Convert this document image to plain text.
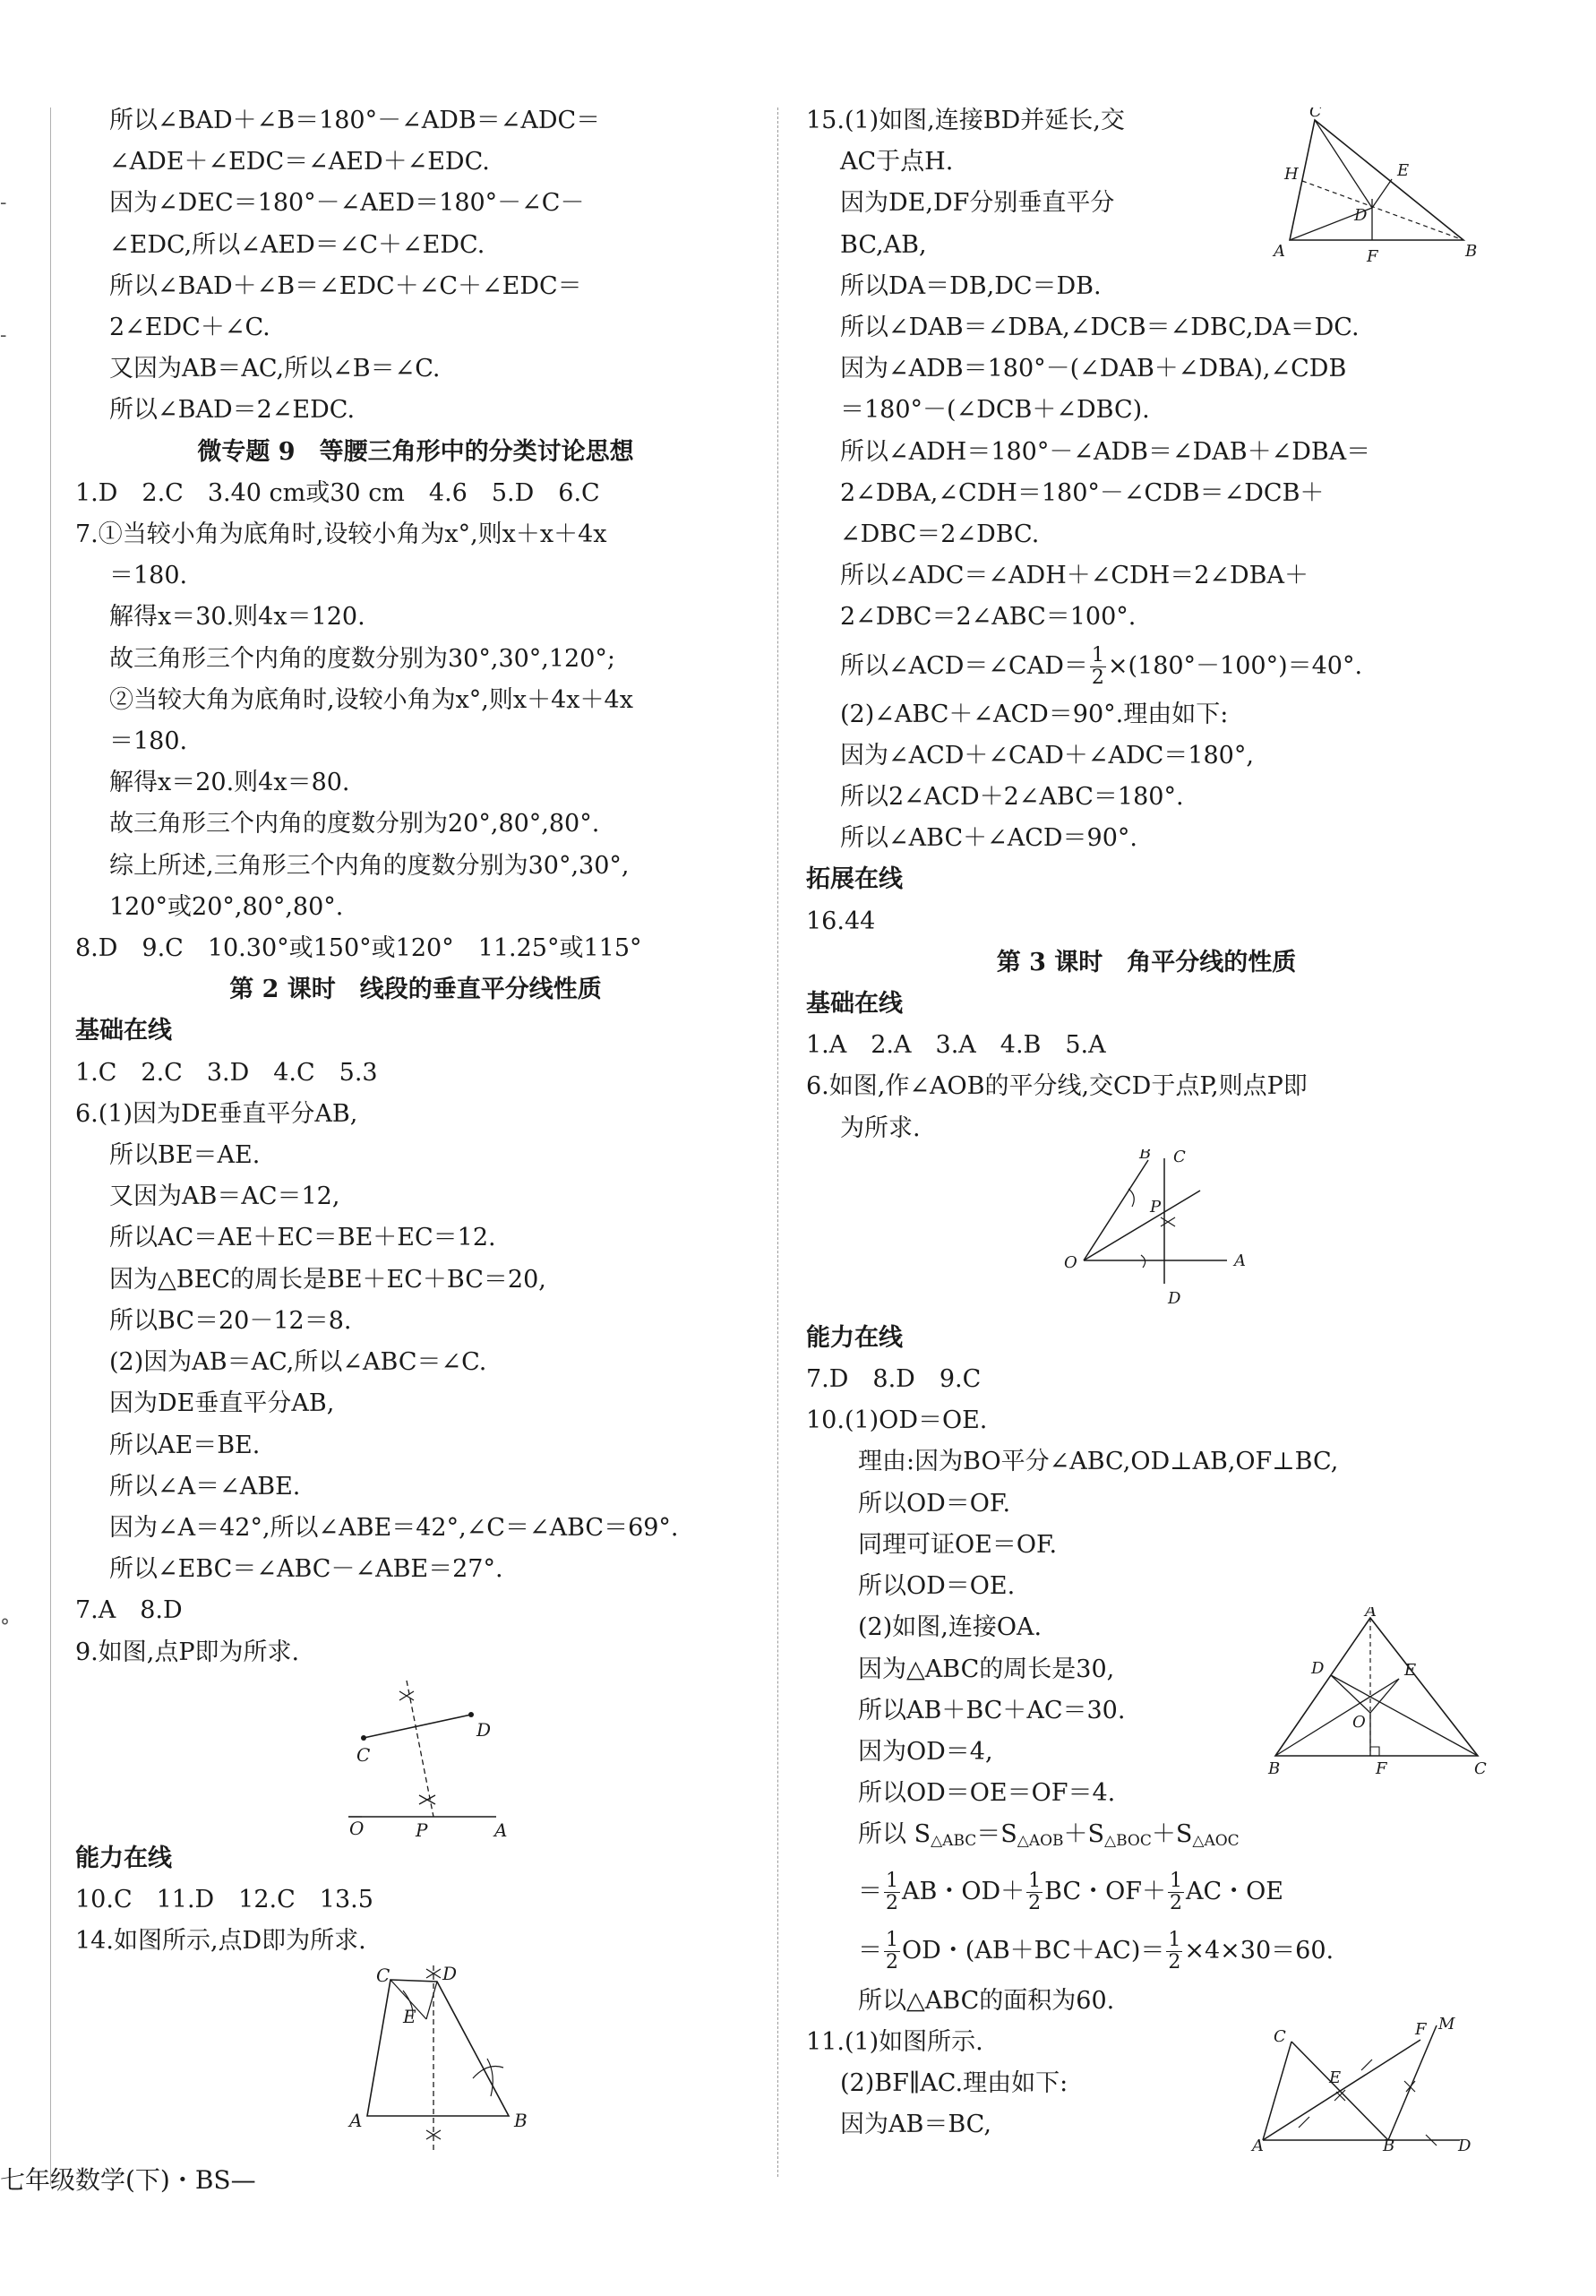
-
-
°
所以∠BAD＋∠B＝180°－∠ADB＝∠ADC＝
∠ADE＋∠EDC＝∠AED＋∠EDC.
因为∠DEC＝180°－∠AED＝180°－∠C－
∠EDC,所以∠AED＝∠C＋∠EDC.
所以∠BAD＋∠B＝∠EDC＋∠C＋∠EDC＝
2∠EDC＋∠C.
又因为AB＝AC,所以∠B＝∠C.
所以∠BAD＝2∠EDC.
微专题 9　等腰三角形中的分类讨论思想
1.D　2.C　3.40 cm或30 cm　4.6　5.D　6.C
7.①当较小角为底角时,设较小角为x°,则x＋x＋4x
＝180.
解得x＝30.则4x＝120.
故三角形三个内角的度数分别为30°,30°,120°;
②当较大角为底角时,设较小角为x°,则x＋4x＋4x
＝180.
解得x＝20.则4x＝80.
故三角形三个内角的度数分别为20°,80°,80°.
综上所述,三角形三个内角的度数分别为30°,30°,
120°或20°,80°,80°.
8.D　9.C　10.30°或150°或120°　11.25°或115°
第 2 课时　线段的垂直平分线性质
基础在线
1.C　2.C　3.D　4.C　5.3
6.(1)因为DE垂直平分AB,
所以BE＝AE.
又因为AB＝AC＝12,
所以AC＝AE＋EC＝BE＋EC＝12.
因为△BEC的周长是BE＋EC＋BC＝20,
所以BC＝20－12＝8.
(2)因为AB＝AC,所以∠ABC＝∠C.
因为DE垂直平分AB,
所以AE＝BE.
所以∠A＝∠ABE.
因为∠A＝42°,所以∠ABE＝42°,∠C＝∠ABC＝69°.
所以∠EBC＝∠ABC－∠ABE＝27°.
7.A　8.D
9.如图,点P即为所求.
C
D
O	P	A
能力在线
10.C　11.D　12.C　13.5
14.如图所示,点D即为所求.
C	D
E
A	B
C
H	E
D
A	F	B
15.(1)如图,连接BD并延长,交
AC于点H.
因为DE,DF分别垂直平分
BC,AB,
所以DA＝DB,DC＝DB.
所以∠DAB＝∠DBA,∠DCB＝∠DBC,DA＝DC.
因为∠ADB＝180°－(∠DAB＋∠DBA),∠CDB
＝180°－(∠DCB＋∠DBC).
所以∠ADH＝180°－∠ADB＝∠DAB＋∠DBA＝
2∠DBA,∠CDH＝180°－∠CDB＝∠DCB＋
∠DBC＝2∠DBC.
所以∠ADC＝∠ADH＋∠CDH＝2∠DBA＋
2∠DBC＝2∠ABC＝100°.
所以∠ACD＝∠CAD＝ $\frac{1}{2} \times(180^\circ-100^\circ)=40^\circ$.
(2)∠ABC＋∠ACD＝90°.理由如下:
因为∠ACD＋∠CAD＋∠ADC＝180°,
所以2∠ACD＋2∠ABC＝180°.
所以∠ABC＋∠ACD＝90°.
拓展在线
16.44
第 3 课时　角平分线的性质
基础在线
1.A　2.A　3.A　4.B　5.A
6.如图,作∠AOB的平分线,交CD于点P,则点P即
为所求.
B C
P
O	A
D
能力在线
7.D　8.D　9.C
10.(1)OD＝OE.
理由:因为BO平分∠ABC,OD⊥AB,OF⊥BC,
所以OD＝OF.
同理可证OE＝OF.
所以OD＝OE.
A
D	E
O
B	F	C
(2)如图,连接OA.
因为△ABC的周长是30,
所以AB＋BC＋AC＝30.
因为OD＝4,
所以OD＝OE＝OF＝4.
所以 S△ABC＝S△AOB＋S△BOC＋S△AOC
＝ $\frac{1}{2}$ AB・$OD+ \frac{1}{2}$ BC・$OF+ \frac{1}{2}$ AC・OE
＝ $\frac{1}{2}$ OD・$(AB+BC+AC)= \frac{1}{2} \times 4\times 30=60$.
所以△ABC的面积为60.
C
M
F
E
A	B	D
11.(1)如图所示.
(2)BF∥AC.理由如下:
因为AB＝BC,
七年级数学(下)・BS—
